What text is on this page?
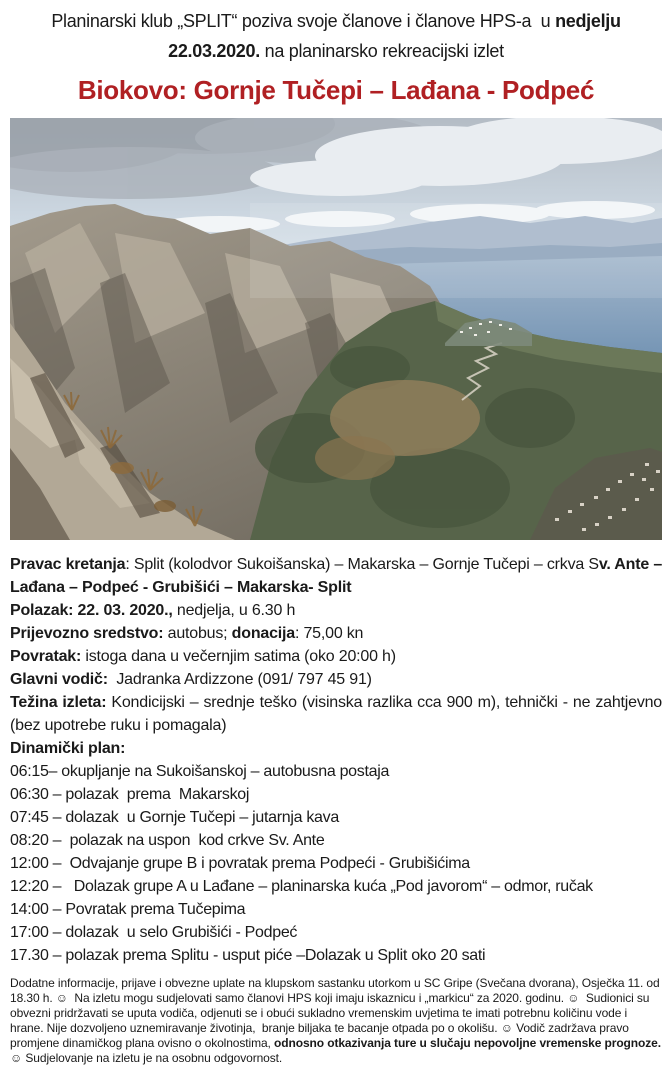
Planinarski klub „SPLIT“ poziva svoje članove i članove HPS-a  u nedjelju

22.03.2020. na planinarsko rekreacijski izlet

Biokovo: Gornje Tučepi – Lađana - Podpeć

Pravac kretanja: Split (kolodvor Sukoišanska) – Makarska – Gornje Tučepi – crkva Sv. Ante – Lađana – Podpeć - Grubišići – Makarska- Split

Polazak: 22. 03. 2020., nedjelja, u 6.30 h

Prijevozno sredstvo: autobus; donacija: 75,00 kn

Povratak: istoga dana u večernjim satima (oko 20:00 h)

Glavni vodič:  Jadranka Ardizzone (091/ 797 45 91)

Težina izleta: Kondicijski – srednje teško (visinska razlika cca 900 m), tehnički - ne zahtjevno (bez upotrebe ruku i pomagala)

Dinamički plan:

06:15– okupljanje na Sukoišanskoj – autobusna postaja
06:30 – polazak  prema  Makarskoj
07:45 – dolazak  u Gornje Tučepi – jutarnja kava
08:20 –  polazak na uspon  kod crkve Sv. Ante
12:00 –  Odvajanje grupe B i povratak prema Podpeći - Grubišićima
12:20 –   Dolazak grupe A u Lađane – planinarska kuća „Pod javorom“ – odmor, ručak
14:00 – Povratak prema Tučepima
17:00 – dolazak  u selo Grubišići - Podpeć
17.30 – polazak prema Splitu - usput piće –Dolazak u Split oko 20 sati
Dodatne informacije, prijave i obvezne uplate na klupskom sastanku utorkom u SC Gripe (Svečana dvorana), Osječka 11. od 18.30 h. ☺  Na izletu mogu sudjelovati samo članovi HPS koji imaju iskaznicu i „markicu“ za 2020. godinu. ☺  Sudionici su obvezni pridržavati se uputa vodiča, odjenuti se i obući sukladno vremenskim uvjetima te imati potrebnu količinu vode i hrane. Nije dozvoljeno uznemiravanje životinja,  branje biljaka te bacanje otpada po o okolišu. ☺ Vodič zadržava pravo promjene dinamičkog plana ovisno o okolnostima, odnosno otkazivanja ture u slučaju nepovoljne vremenske prognoze. ☺ Sudjelovanje na izletu je na osobnu odgovornost.
